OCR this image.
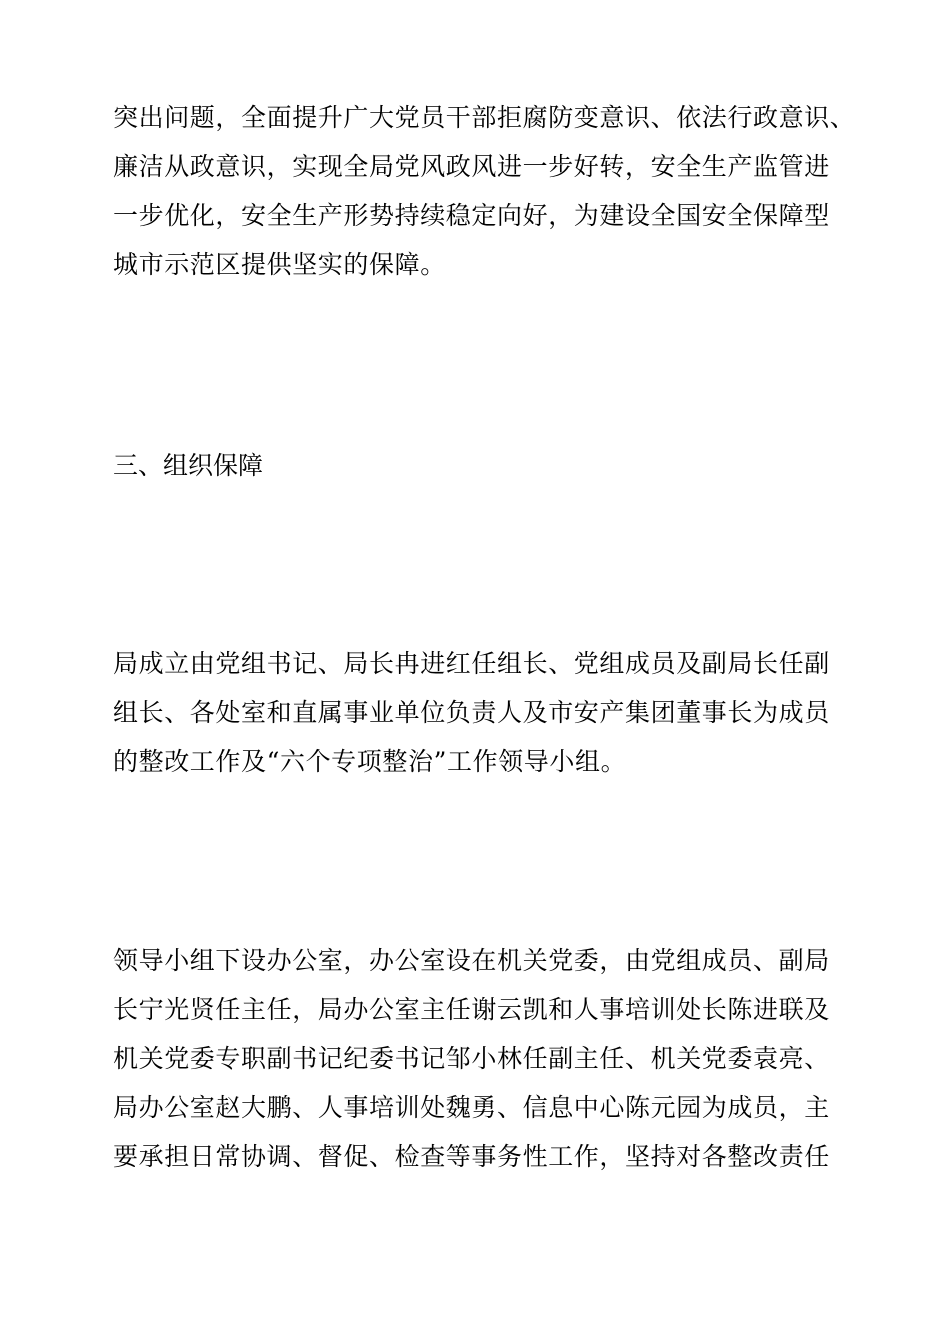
突出问题，全面提升广大党员干部拒腐防变意识、依法行政意识、
廉洁从政意识，实现全局党风政风进一步好转，安全生产监管进
一步优化，安全生产形势持续稳定向好，为建设全国安全保障型
城市示范区提供坚实的保障。
三、组织保障
局成立由党组书记、局长冉进红任组长、党组成员及副局长任副
组长、各处室和直属事业单位负责人及市安产集团董事长为成员
的整改工作及“六个专项整治”工作领导小组。
领导小组下设办公室，办公室设在机关党委，由党组成员、副局
长宁光贤任主任，局办公室主任谢云凯和人事培训处长陈进联及
机关党委专职副书记纪委书记邹小林任副主任、机关党委袁亮、
局办公室赵大鹏、人事培训处魏勇、信息中心陈元园为成员，主
要承担日常协调、督促、检查等事务性工作，坚持对各整改责任
